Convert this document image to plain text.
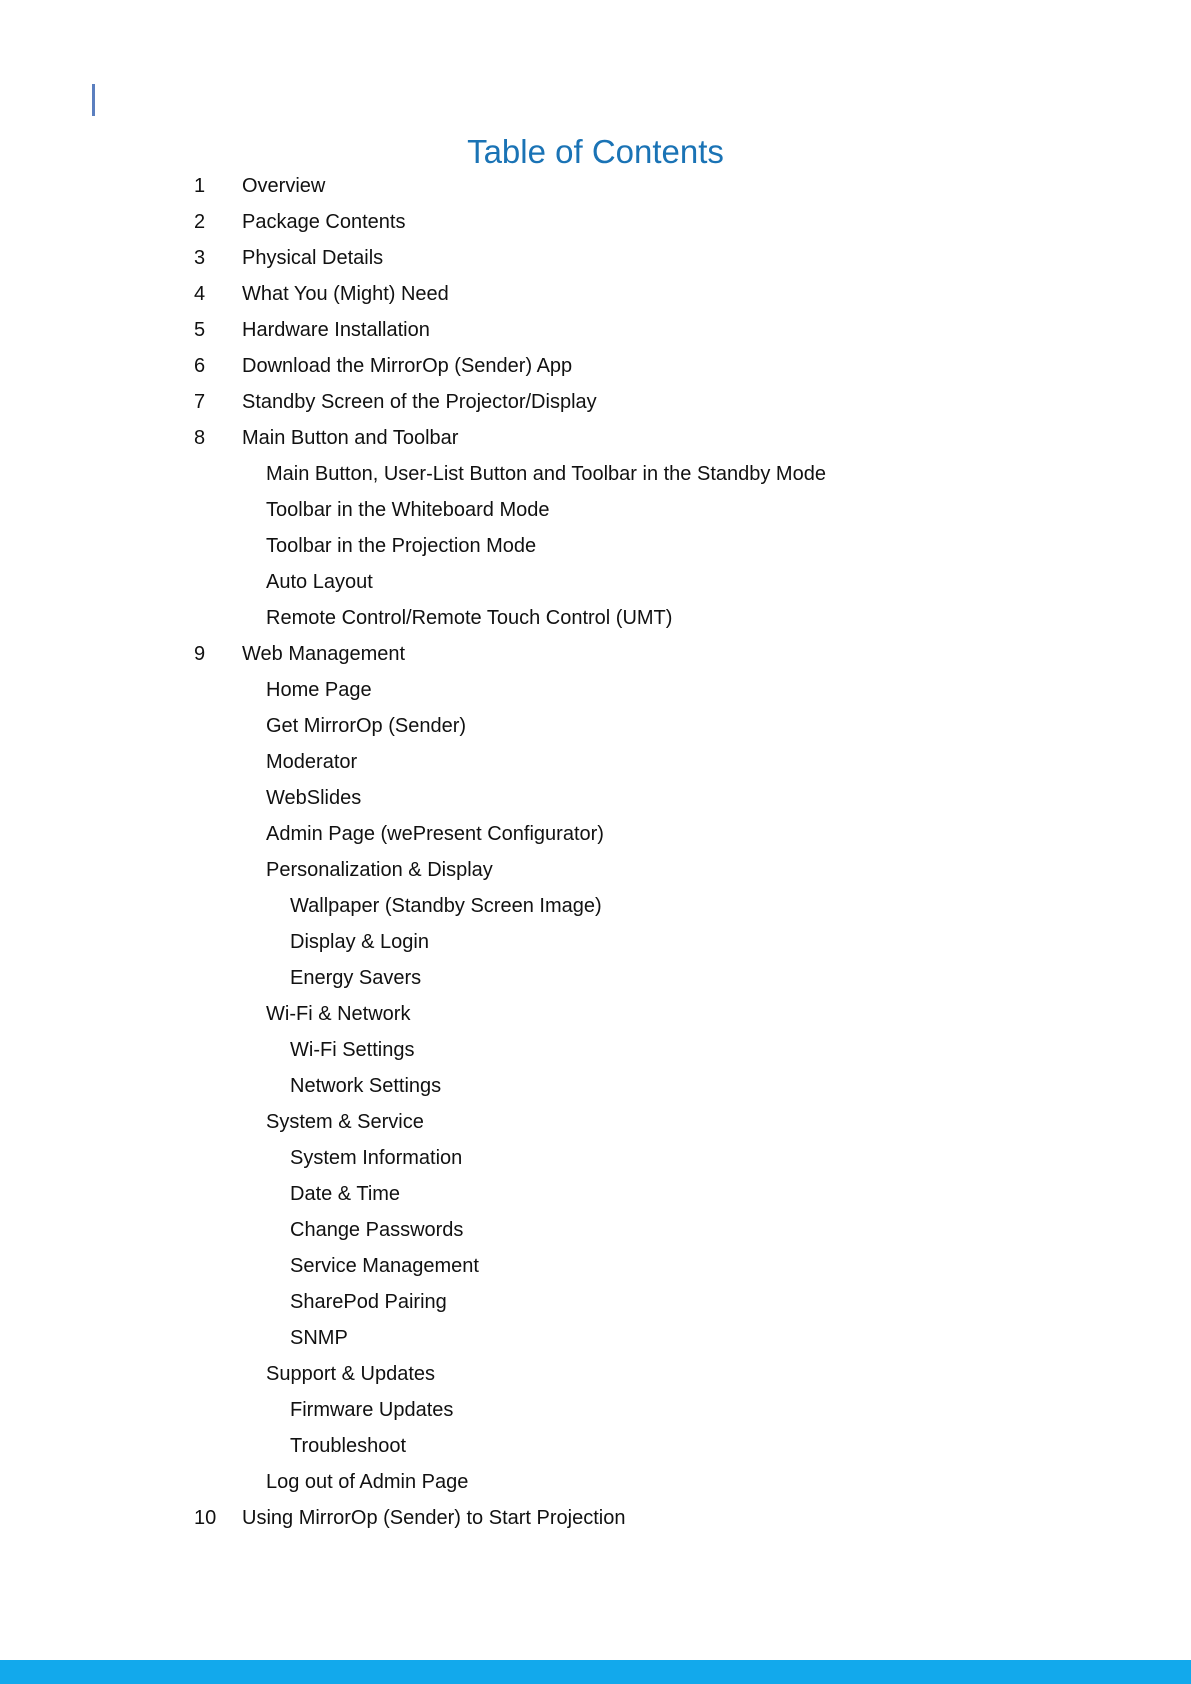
Table of Contents
1 Overview
2 Package Contents
3 Physical Details
4 What You (Might) Need
5 Hardware Installation
6 Download the MirrorOp (Sender) App
7 Standby Screen of the Projector/Display
8 Main Button and Toolbar
Main Button, User-List Button and Toolbar in the Standby Mode
Toolbar in the Whiteboard Mode
Toolbar in the Projection Mode
Auto Layout
Remote Control/Remote Touch Control (UMT)
9 Web Management
Home Page
Get MirrorOp (Sender)
Moderator
WebSlides
Admin Page (wePresent Configurator)
Personalization & Display
Wallpaper (Standby Screen Image)
Display & Login
Energy Savers
Wi-Fi & Network
Wi-Fi Settings
Network Settings
System & Service
System Information
Date & Time
Change Passwords
Service Management
SharePod Pairing
SNMP
Support & Updates
Firmware Updates
Troubleshoot
Log out of Admin Page
10 Using MirrorOp (Sender) to Start Projection
